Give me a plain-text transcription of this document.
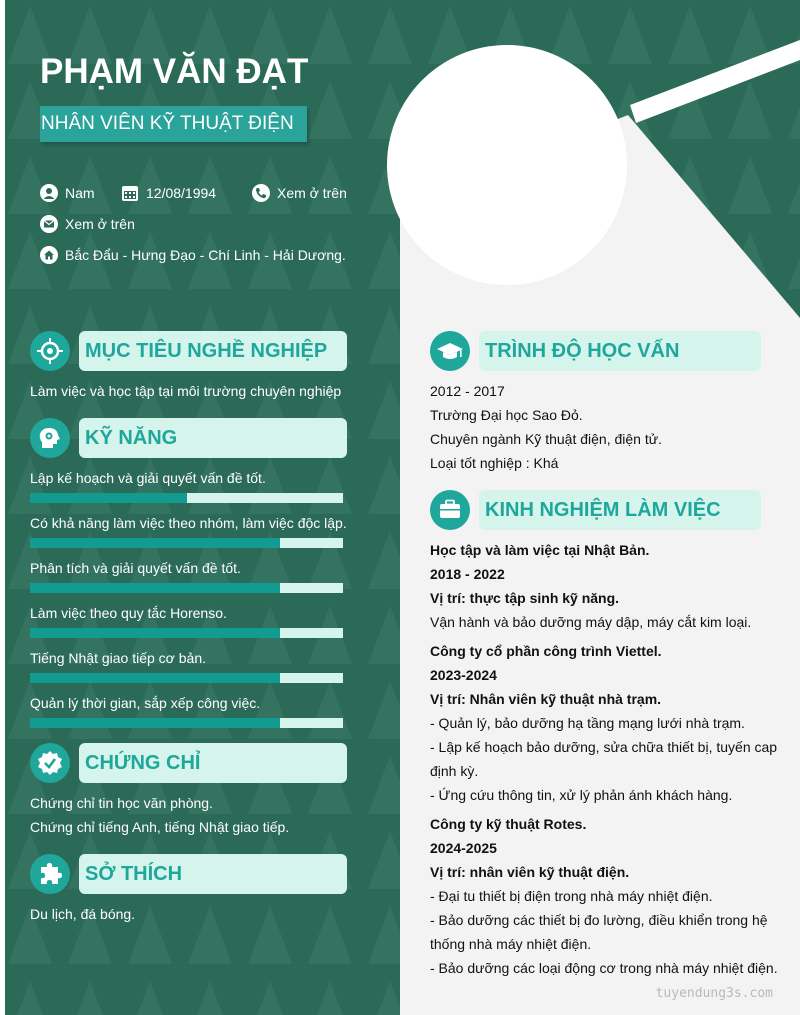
PHẠM VĂN ĐẠT
NHÂN VIÊN KỸ THUẬT ĐIỆN
Nam	12/08/1994	Xem ở trên
Xem ở trên
Bắc Đẩu - Hưng Đạo - Chí Linh - Hải Dương.
MỤC TIÊU NGHỀ NGHIỆP
Làm việc và học tập tại môi trường chuyên nghiệp
KỸ NĂNG
Lập kế hoạch và giải quyết vấn đề tốt.
Có khả năng làm việc theo nhóm, làm việc độc lập.
Phân tích và giải quyết vấn đề tốt.
Làm việc theo quy tắc Horenso.
Tiếng Nhật giao tiếp cơ bản.
Quản lý thời gian, sắp xếp công việc.
CHỨNG CHỈ
Chứng chỉ tin học văn phòng.
Chứng chỉ tiếng Anh, tiếng Nhật giao tiếp.
SỞ THÍCH
Du lịch, đá bóng.
TRÌNH ĐỘ HỌC VẤN
2012 - 2017
Trường Đại học Sao Đỏ.
Chuyên ngành Kỹ thuật điện, điện tử.
Loại tốt nghiệp : Khá
KINH NGHIỆM LÀM VIỆC
Học tập và làm việc tại Nhật Bản.
2018 - 2022
Vị trí: thực tập sinh kỹ năng.
Vận hành và bảo dưỡng máy dập, máy cắt kim loại.
Công ty cổ phần công trình Viettel.
2023-2024
Vị trí: Nhân viên kỹ thuật nhà trạm.
- Quản lý, bảo dưỡng hạ tầng mạng lưới nhà trạm.
- Lập kế hoạch bảo dưỡng, sửa chữa thiết bị, tuyến cap
định kỳ.
- Ứng cứu thông tin, xử lý phản ánh khách hàng.
Công ty kỹ thuật Rotes.
2024-2025
Vị trí: nhân viên kỹ thuật điện.
- Đại tu thiết bị điện trong nhà máy nhiệt điện.
- Bảo dưỡng các thiết bị đo lường, điều khiển trong hệ
thống nhà máy nhiệt điện.
- Bảo dưỡng các loại động cơ trong nhà máy nhiệt điện.
tuyendung3s.com
